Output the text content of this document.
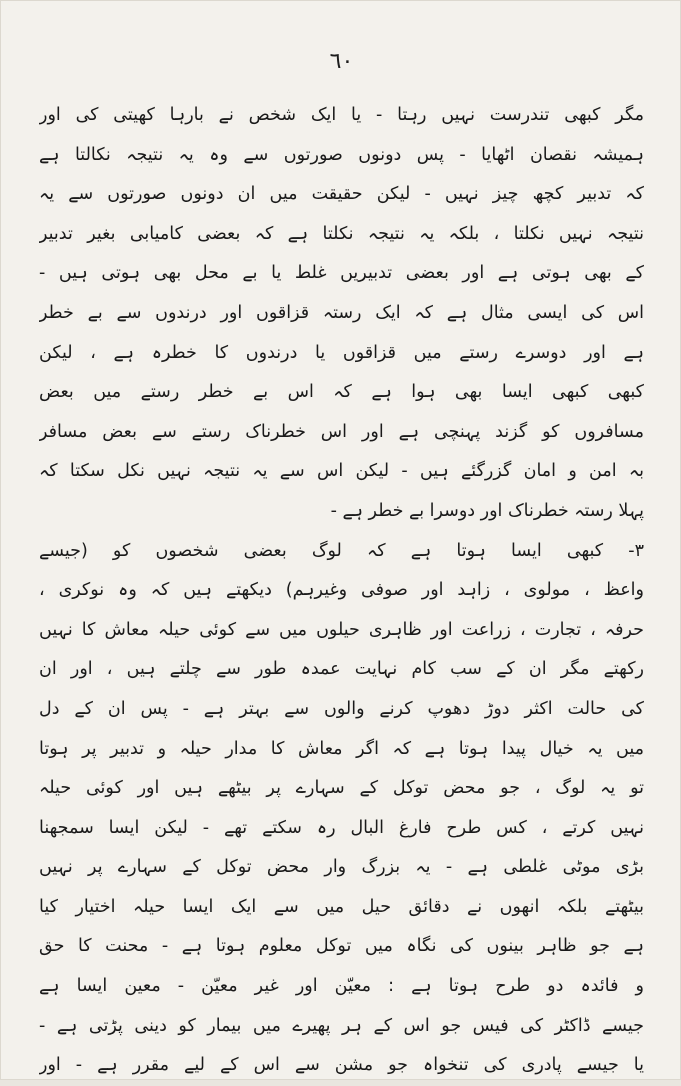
٦٠
مگر کبھی تندرست نہیں رہتا - یا ایک شخص نے بارہا کھیتی کی اور
ہمیشہ نقصان اٹھایا - پس دونوں صورتوں سے وہ یہ نتیجہ نکالتا ہے
کہ تدبیر کچھ چیز نہیں - لیکن حقیقت میں ان دونوں صورتوں سے یہ
نتیجہ نہیں نکلتا ، بلکہ یہ نتیجہ نکلتا ہے کہ بعضی کامیابی بغیر تدبیر
کے بھی ہوتی ہے اور بعضی تدبیریں غلط یا بے محل بھی ہوتی ہیں -
اس کی ایسی مثال ہے کہ ایک رستہ قزاقوں اور درندوں سے بے خطر
ہے اور دوسرے رستے میں قزاقوں یا درندوں کا خطرہ ہے ، لیکن
کبھی کبھی ایسا بھی ہوا ہے کہ اس بے خطر رستے میں بعض
مسافروں کو گزند پہنچی ہے اور اس خطرناک رستے سے بعض مسافر
بہ امن و امان گزرگئے ہیں - لیکن اس سے یہ نتیجہ نہیں نکل سکتا کہ
پہلا رستہ خطرناک اور دوسرا بے خطر ہے -
٣- کبھی ایسا ہوتا ہے کہ لوگ بعضی شخصوں کو (جیسے
واعظ ، مولوی ، زاہد اور صوفی وغیرہم) دیکھتے ہیں کہ وہ نوکری ،
حرفہ ، تجارت ، زراعت اور ظاہری حیلوں میں سے کوئی حیلہ معاش کا نہیں
رکھتے مگر ان کے سب کام نہایت عمدہ طور سے چلتے ہیں ، اور ان
کی حالت اکثر دوڑ دھوپ کرنے والوں سے بہتر ہے - پس ان کے دل
میں یہ خیال پیدا ہوتا ہے کہ اگر معاش کا مدار حیلہ و تدبیر پر ہوتا
تو یہ لوگ ، جو محض توکل کے سہارے پر بیٹھے ہیں اور کوئی حیلہ
نہیں کرتے ، کس طرح فارغ البال رہ سکتے تھے - لیکن ایسا سمجھنا
بڑی موٹی غلطی ہے - یہ بزرگ وار محض توکل کے سہارے پر نہیں
بیٹھتے بلکہ انھوں نے دقائق حیل میں سے ایک ایسا حیلہ اختیار کیا
ہے جو ظاہر بینوں کی نگاہ میں توکل معلوم ہوتا ہے - محنت کا حق
و فائدہ دو طرح ہوتا ہے : معیّن اور غیر معیّن - معین ایسا ہے
جیسے ڈاکٹر کی فیس جو اس کے ہر پھیرے میں بیمار کو دینی پڑتی ہے -
یا جیسے پادری کی تنخواہ جو مشن سے اس کے لیے مقرر ہے - اور
